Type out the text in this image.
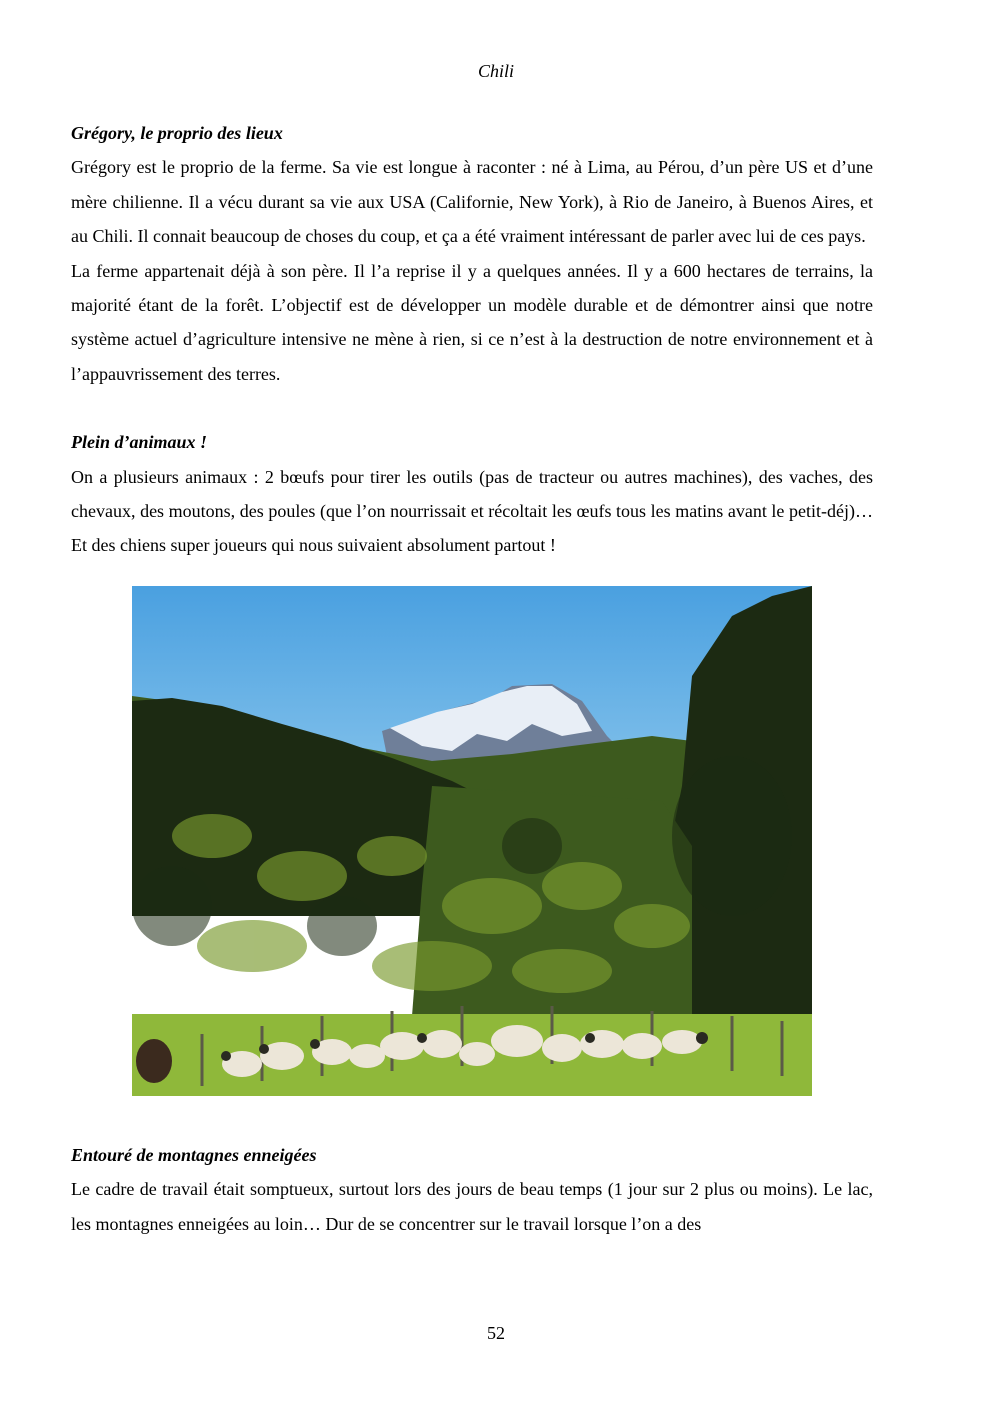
Chili
Grégory, le proprio des lieux

Grégory est le proprio de la ferme. Sa vie est longue à raconter : né à Lima, au Pérou, d’un père US et d’une mère chilienne. Il a vécu durant sa vie aux USA (Californie, New York), à Rio de Janeiro, à Buenos Aires, et au Chili. Il connait beaucoup de choses du coup, et ça a été vraiment intéressant de parler avec lui de ces pays.

La ferme appartenait déjà à son père. Il l’a reprise il y a quelques années. Il y a 600 hectares de terrains, la majorité étant de la forêt. L’objectif est de développer un modèle durable et de démontrer ainsi que notre système actuel d’agriculture intensive ne mène à rien, si ce n’est à la destruction de notre environnement et à l’appauvrissement des terres.

Plein d’animaux !

On a plusieurs animaux : 2 bœufs pour tirer les outils (pas de tracteur ou autres machines), des vaches, des chevaux, des moutons, des poules (que l’on nourrissait et récoltait les œufs tous les matins avant le petit-déj)… Et des chiens super joueurs qui nous suivaient absolument partout !

Entouré de montagnes enneigées

Le cadre de travail était somptueux, surtout lors des jours de beau temps (1 jour sur 2 plus ou moins). Le lac, les montagnes enneigées au loin… Dur de se concentrer sur le travail lorsque l’on a des

52
